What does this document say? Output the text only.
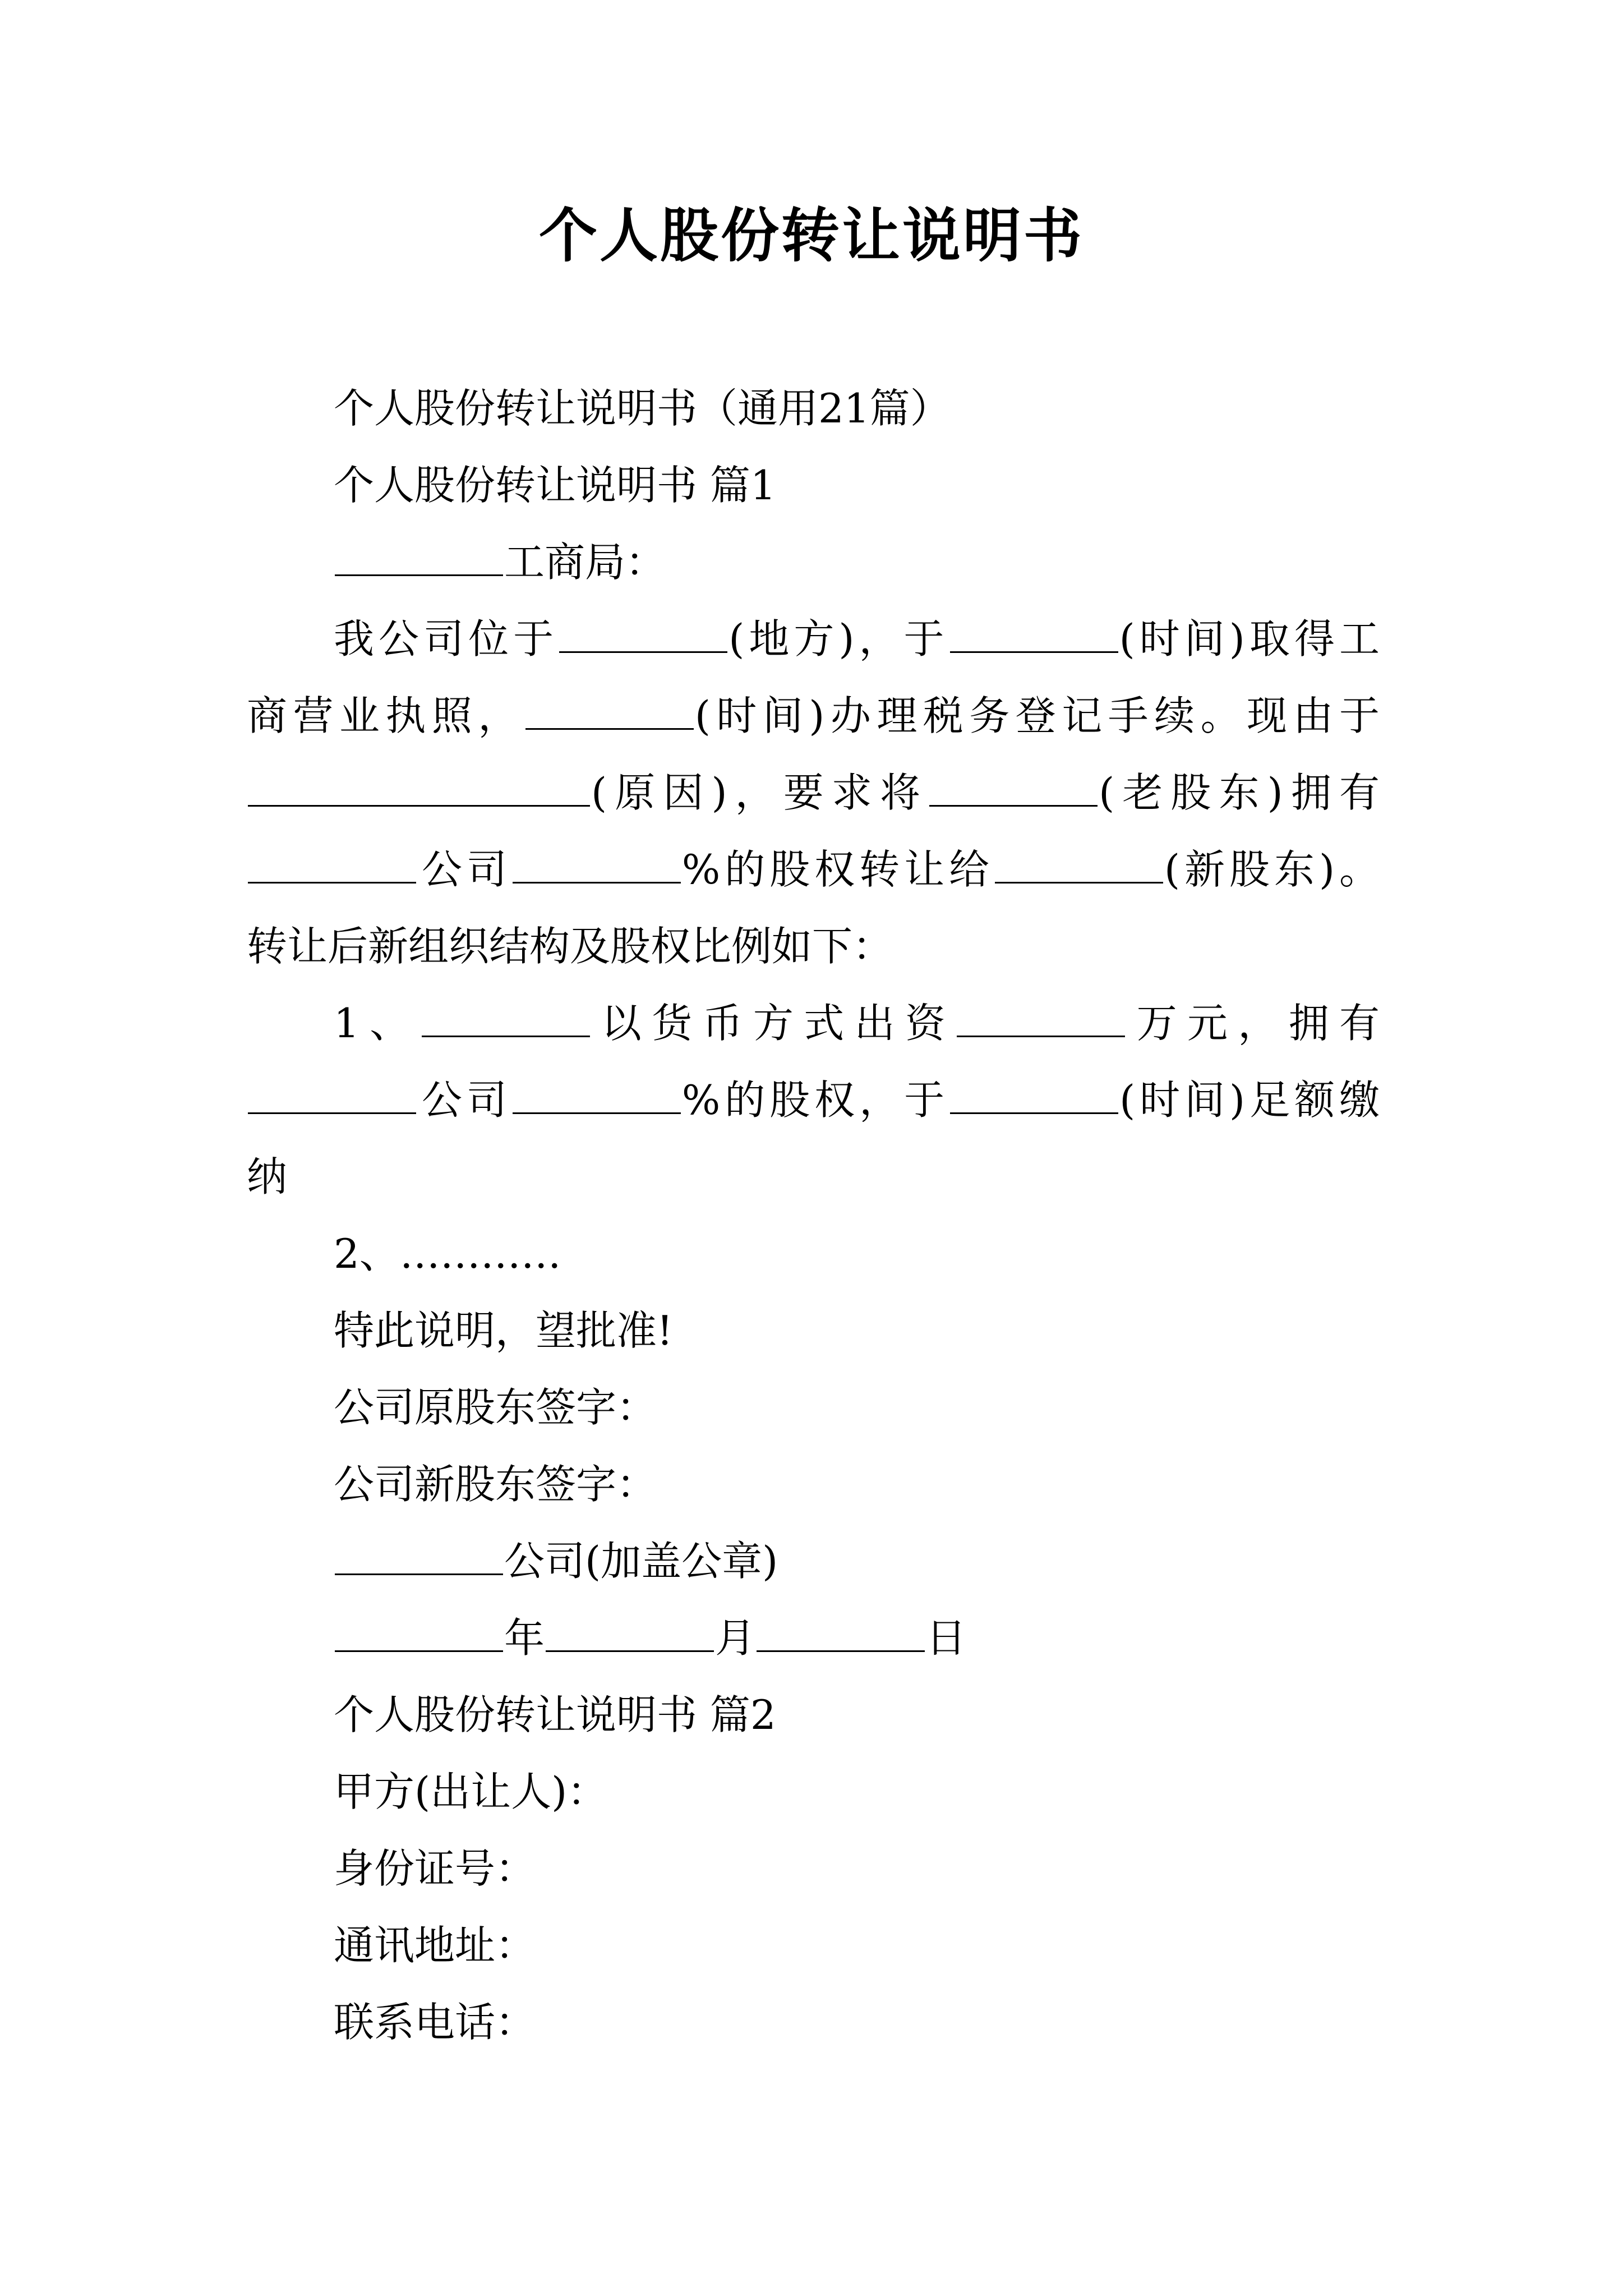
个人股份转让说明书
个人股份转让说明书（通用21篇）
个人股份转让说明书 篇1
工商局：
我公司位于	(地方)，于	(时间)取得工
商营业执照，	(时间)办理税务登记手续。现由于
(原因)，要求将	(老股东)拥有
公司	%的股权转让给	(新股东)。
转让后新组织结构及股权比例如下：
1、	以货币方式出资	万元，拥有
公司	%的股权，于	(时间)足额缴
纳
2、…………
特此说明，望批准!
公司原股东签字：
公司新股东签字：
公司(加盖公章)
年	月	日
个人股份转让说明书 篇2
甲方(出让人)：
身份证号：
通讯地址：
联系电话：
